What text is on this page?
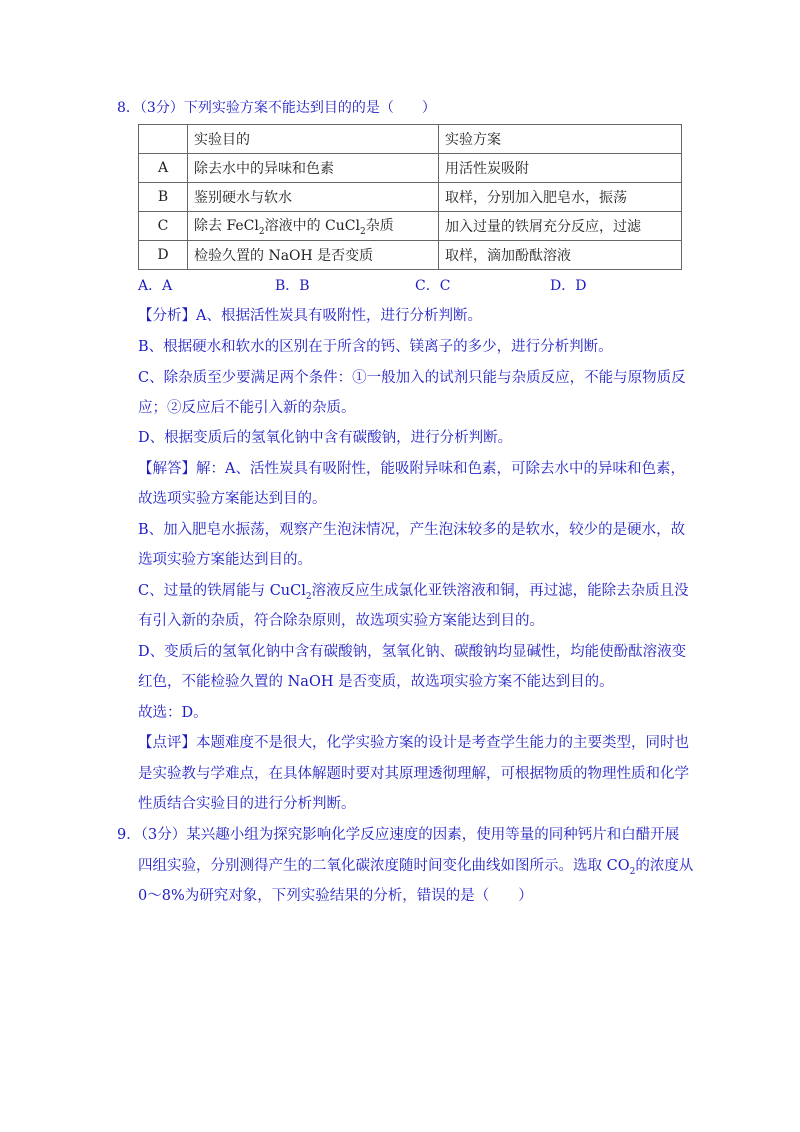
8．（3分）下列实验方案不能达到目的的是（　　）
	实验目的	实验方案
A	除去水中的异味和色素	用活性炭吸附
B	鉴别硬水与软水	取样，分别加入肥皂水，振荡
C	除去 FeCl$_2$溶液中的 CuCl$_2$杂质	加入过量的铁屑充分反应，过滤
D	检验久置的 NaOH 是否变质	取样，滴加酚酞溶液
A．A	B．B	C．C	D．D
【分析】A、根据活性炭具有吸附性，进行分析判断。
B、根据硬水和软水的区别在于所含的钙、镁离子的多少，进行分析判断。
C、除杂质至少要满足两个条件：①一般加入的试剂只能与杂质反应，不能与原物质反
应；②反应后不能引入新的杂质。
D、根据变质后的氢氧化钠中含有碳酸钠，进行分析判断。
【解答】解：A、活性炭具有吸附性，能吸附异味和色素，可除去水中的异味和色素，
故选项实验方案能达到目的。
B、加入肥皂水振荡，观察产生泡沫情况，产生泡沫较多的是软水，较少的是硬水，故
选项实验方案能达到目的。
C、过量的铁屑能与 CuCl$_2$溶液反应生成氯化亚铁溶液和铜，再过滤，能除去杂质且没
有引入新的杂质，符合除杂原则，故选项实验方案能达到目的。
D、变质后的氢氧化钠中含有碳酸钠，氢氧化钠、碳酸钠均显碱性，均能使酚酞溶液变
红色，不能检验久置的 NaOH 是否变质，故选项实验方案不能达到目的。
故选：D。
【点评】本题难度不是很大，化学实验方案的设计是考查学生能力的主要类型，同时也
是实验教与学难点，在具体解题时要对其原理透彻理解，可根据物质的物理性质和化学
性质结合实验目的进行分析判断。
9．（3分）某兴趣小组为探究影响化学反应速度的因素，使用等量的同种钙片和白醋开展
四组实验，分别测得产生的二氧化碳浓度随时间变化曲线如图所示。选取 $CO_2$的浓度从
0～8%为研究对象，下列实验结果的分析，错误的是（　　）
